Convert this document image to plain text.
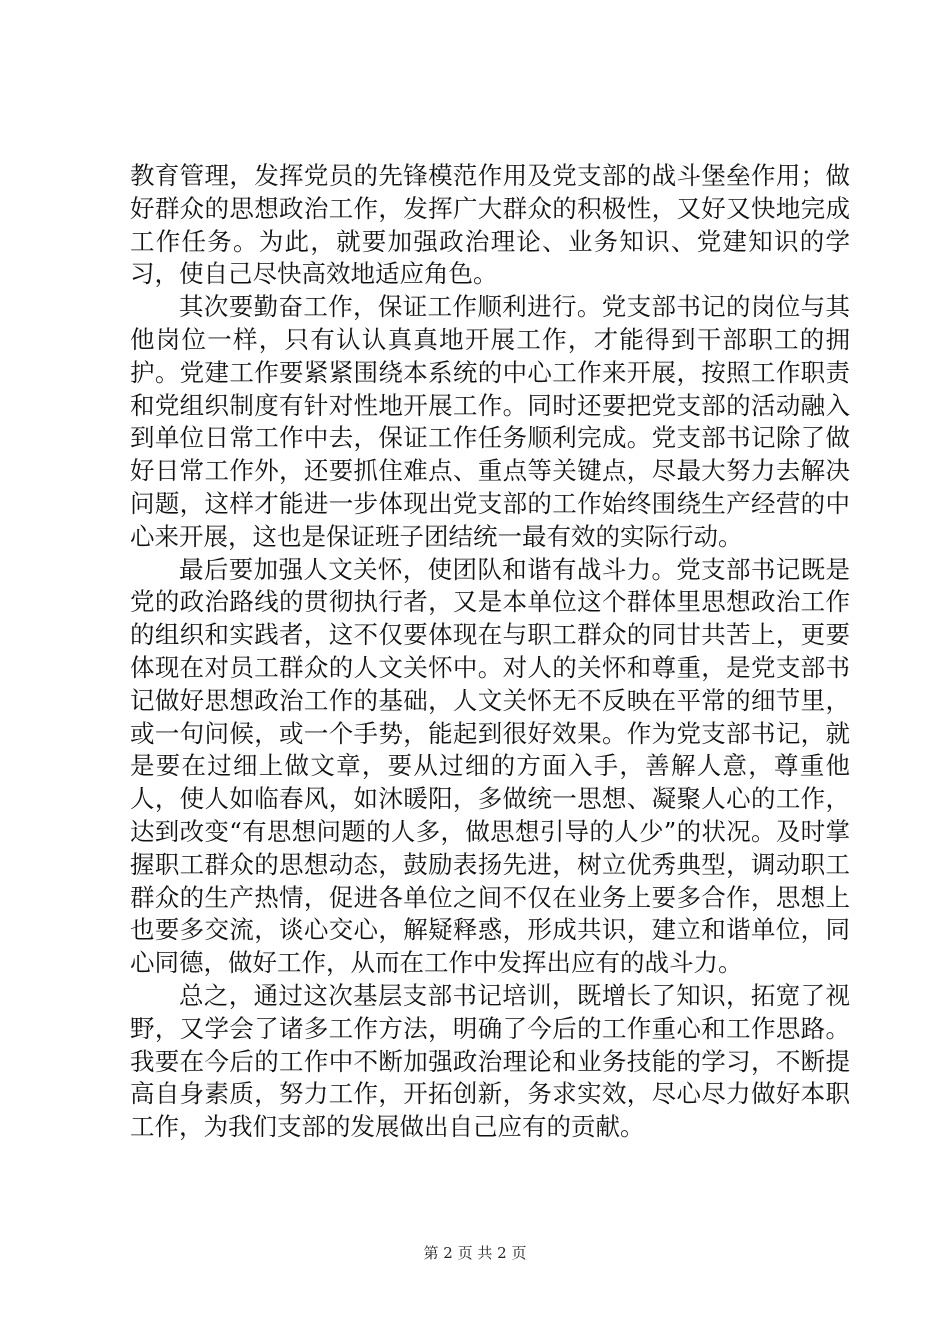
教育管理，发挥党员的先锋模范作用及党支部的战斗堡垒作用；做好群众的思想政治工作，发挥广大群众的积极性，又好又快地完成工作任务。为此，就要加强政治理论、业务知识、党建知识的学习，使自己尽快高效地适应角色。

其次要勤奋工作，保证工作顺利进行。党支部书记的岗位与其他岗位一样，只有认认真真地开展工作，才能得到干部职工的拥护。党建工作要紧紧围绕本系统的中心工作来开展，按照工作职责和党组织制度有针对性地开展工作。同时还要把党支部的活动融入到单位日常工作中去，保证工作任务顺利完成。党支部书记除了做好日常工作外，还要抓住难点、重点等关键点，尽最大努力去解决问题，这样才能进一步体现出党支部的工作始终围绕生产经营的中心来开展，这也是保证班子团结统一最有效的实际行动。

最后要加强人文关怀，使团队和谐有战斗力。党支部书记既是党的政治路线的贯彻执行者，又是本单位这个群体里思想政治工作的组织和实践者，这不仅要体现在与职工群众的同甘共苦上，更要体现在对员工群众的人文关怀中。对人的关怀和尊重，是党支部书记做好思想政治工作的基础，人文关怀无不反映在平常的细节里，或一句问候，或一个手势，能起到很好效果。作为党支部书记，就是要在过细上做文章，要从过细的方面入手，善解人意，尊重他人，使人如临春风，如沐暖阳，多做统一思想、凝聚人心的工作，达到改变“有思想问题的人多，做思想引导的人少”的状况。及时掌握职工群众的思想动态，鼓励表扬先进，树立优秀典型，调动职工群众的生产热情，促进各单位之间不仅在业务上要多合作，思想上也要多交流，谈心交心，解疑释惑，形成共识，建立和谐单位，同心同德，做好工作，从而在工作中发挥出应有的战斗力。

总之，通过这次基层支部书记培训，既增长了知识，拓宽了视野，又学会了诸多工作方法，明确了今后的工作重心和工作思路。我要在今后的工作中不断加强政治理论和业务技能的学习，不断提高自身素质，努力工作，开拓创新，务求实效，尽心尽力做好本职工作，为我们支部的发展做出自己应有的贡献。

第 2 页 共 2 页
